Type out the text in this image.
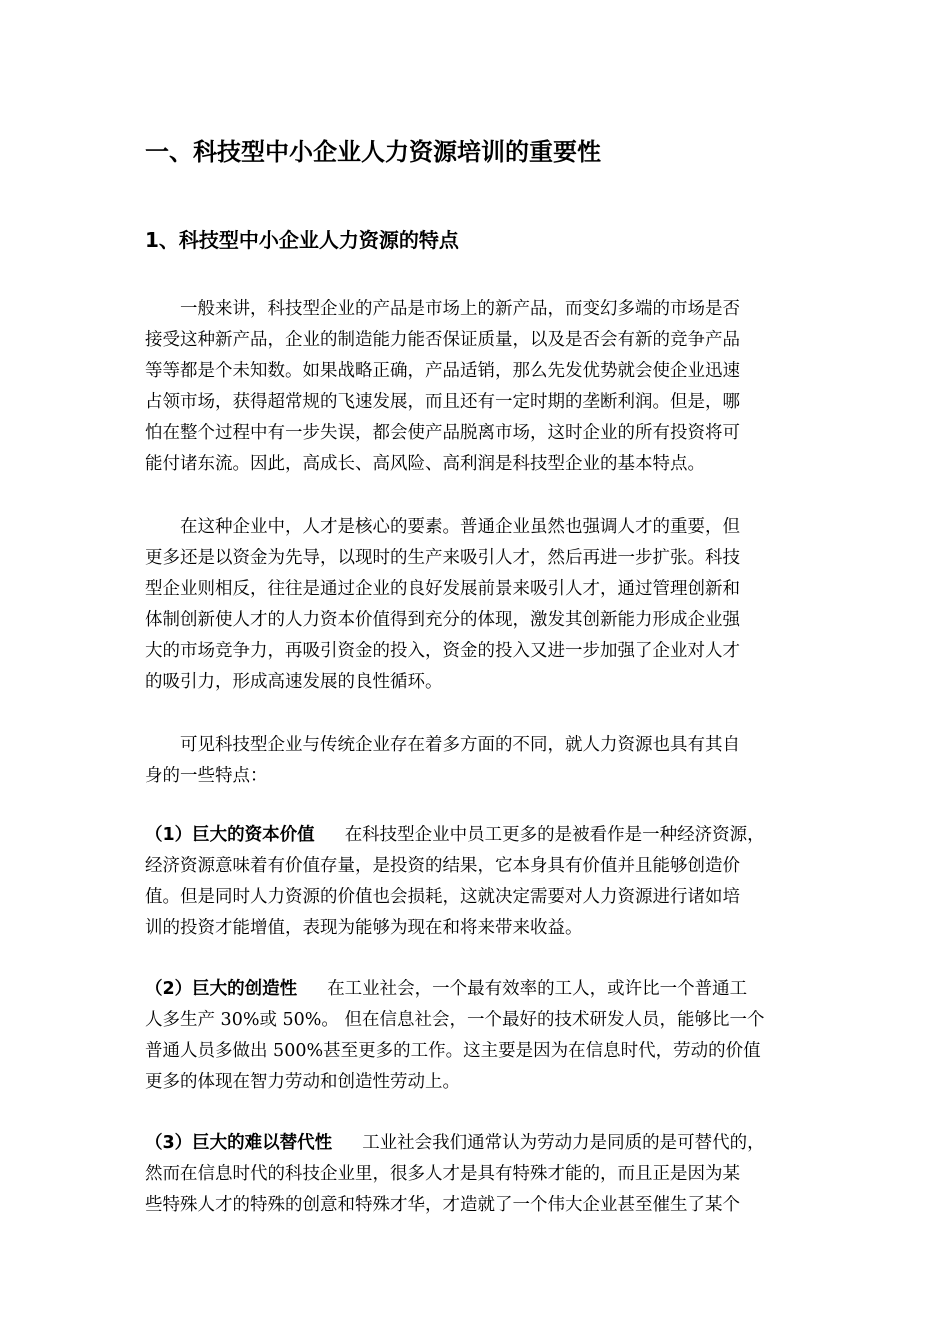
一、科技型中小企业人力资源培训的重要性
1、科技型中小企业人力资源的特点
一般来讲，科技型企业的产品是市场上的新产品，而变幻多端的市场是否
接受这种新产品，企业的制造能力能否保证质量，以及是否会有新的竞争产品
等等都是个未知数。如果战略正确，产品适销，那么先发优势就会使企业迅速
占领市场，获得超常规的飞速发展，而且还有一定时期的垄断利润。但是，哪
怕在整个过程中有一步失误，都会使产品脱离市场，这时企业的所有投资将可
能付诸东流。因此，高成长、高风险、高利润是科技型企业的基本特点。
在这种企业中，人才是核心的要素。普通企业虽然也强调人才的重要，但
更多还是以资金为先导，以现时的生产来吸引人才，然后再进一步扩张。科技
型企业则相反，往往是通过企业的良好发展前景来吸引人才，通过管理创新和
体制创新使人才的人力资本价值得到充分的体现，激发其创新能力形成企业强
大的市场竞争力，再吸引资金的投入，资金的投入又进一步加强了企业对人才
的吸引力，形成高速发展的良性循环。
可见科技型企业与传统企业存在着多方面的不同，就人力资源也具有其自
身的一些特点：
（1）巨大的资本价值 在科技型企业中员工更多的是被看作是一种经济资源，
经济资源意味着有价值存量，是投资的结果，它本身具有价值并且能够创造价
值。但是同时人力资源的价值也会损耗，这就决定需要对人力资源进行诸如培
训的投资才能增值，表现为能够为现在和将来带来收益。
（2）巨大的创造性 在工业社会，一个最有效率的工人，或许比一个普通工
人多生产 30%或 50%。 但在信息社会，一个最好的技术研发人员，能够比一个
普通人员多做出 500%甚至更多的工作。这主要是因为在信息时代，劳动的价值
更多的体现在智力劳动和创造性劳动上。
（3）巨大的难以替代性 工业社会我们通常认为劳动力是同质的是可替代的，
然而在信息时代的科技企业里，很多人才是具有特殊才能的，而且正是因为某
些特殊人才的特殊的创意和特殊才华，才造就了一个伟大企业甚至催生了某个
